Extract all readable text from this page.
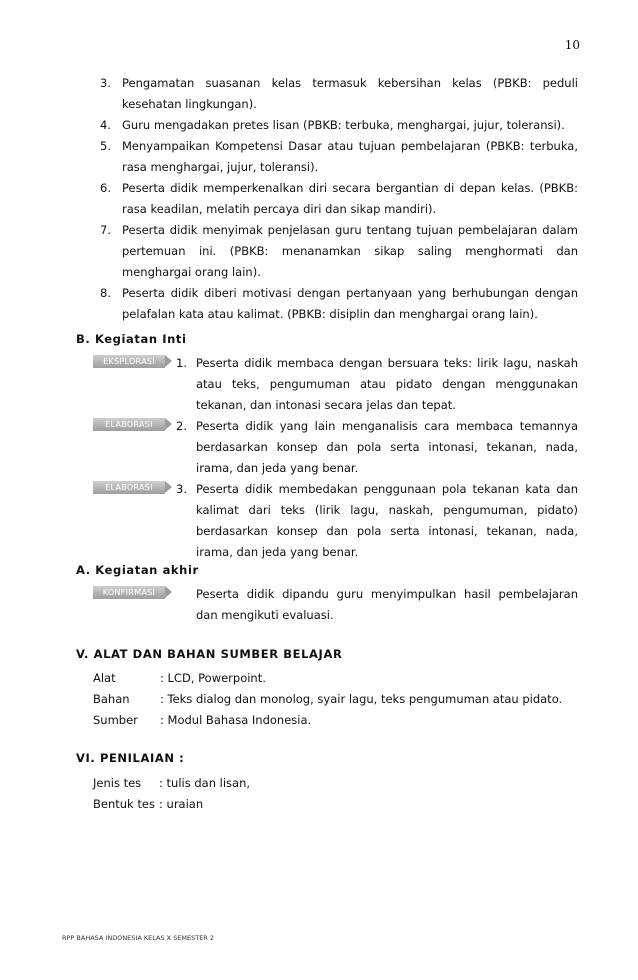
10
3. Pengamatan suasanan kelas termasuk kebersihan kelas (PBKB: peduli kesehatan lingkungan).
4. Guru mengadakan pretes lisan (PBKB: terbuka, menghargai, jujur, toleransi).
5. Menyampaikan Kompetensi Dasar atau tujuan pembelajaran (PBKB: terbuka, rasa menghargai, jujur, toleransi).
6. Peserta didik memperkenalkan diri secara bergantian di depan kelas. (PBKB: rasa keadilan, melatih percaya diri dan sikap mandiri).
7. Peserta didik menyimak penjelasan guru tentang tujuan pembelajaran dalam pertemuan ini. (PBKB: menanamkan sikap saling menghormati dan menghargai orang lain).
8. Peserta didik diberi motivasi dengan pertanyaan yang berhubungan dengan pelafalan kata atau kalimat. (PBKB: disiplin dan menghargai orang lain).
B. Kegiatan Inti
EKSPLORASI	1. Peserta didik membaca dengan bersuara teks: lirik lagu, naskah atau teks, pengumuman atau pidato dengan menggunakan tekanan, dan intonasi secara jelas dan tepat.
ELABORASI	2. Peserta didik yang lain menganalisis cara membaca temannya berdasarkan konsep dan pola serta intonasi, tekanan, nada, irama, dan jeda yang benar.
ELABORASI	3. Peserta didik membedakan penggunaan pola tekanan kata dan kalimat dari teks (lirik lagu, naskah, pengumuman, pidato) berdasarkan konsep dan pola serta intonasi, tekanan, nada, irama, dan jeda yang benar.
A. Kegiatan akhir
KONFIRMASI	Peserta didik dipandu guru menyimpulkan hasil pembelajaran dan mengikuti evaluasi.
V. ALAT DAN BAHAN SUMBER BELAJAR
Alat	: LCD, Powerpoint.
Bahan	: Teks dialog dan monolog, syair lagu, teks pengumuman atau pidato.
Sumber : Modul Bahasa Indonesia.
VI. PENILAIAN :
Jenis tes : tulis dan lisan,
Bentuk tes : uraian
RPP BAHASA INDONESIA KELAS X SEMESTER 2
